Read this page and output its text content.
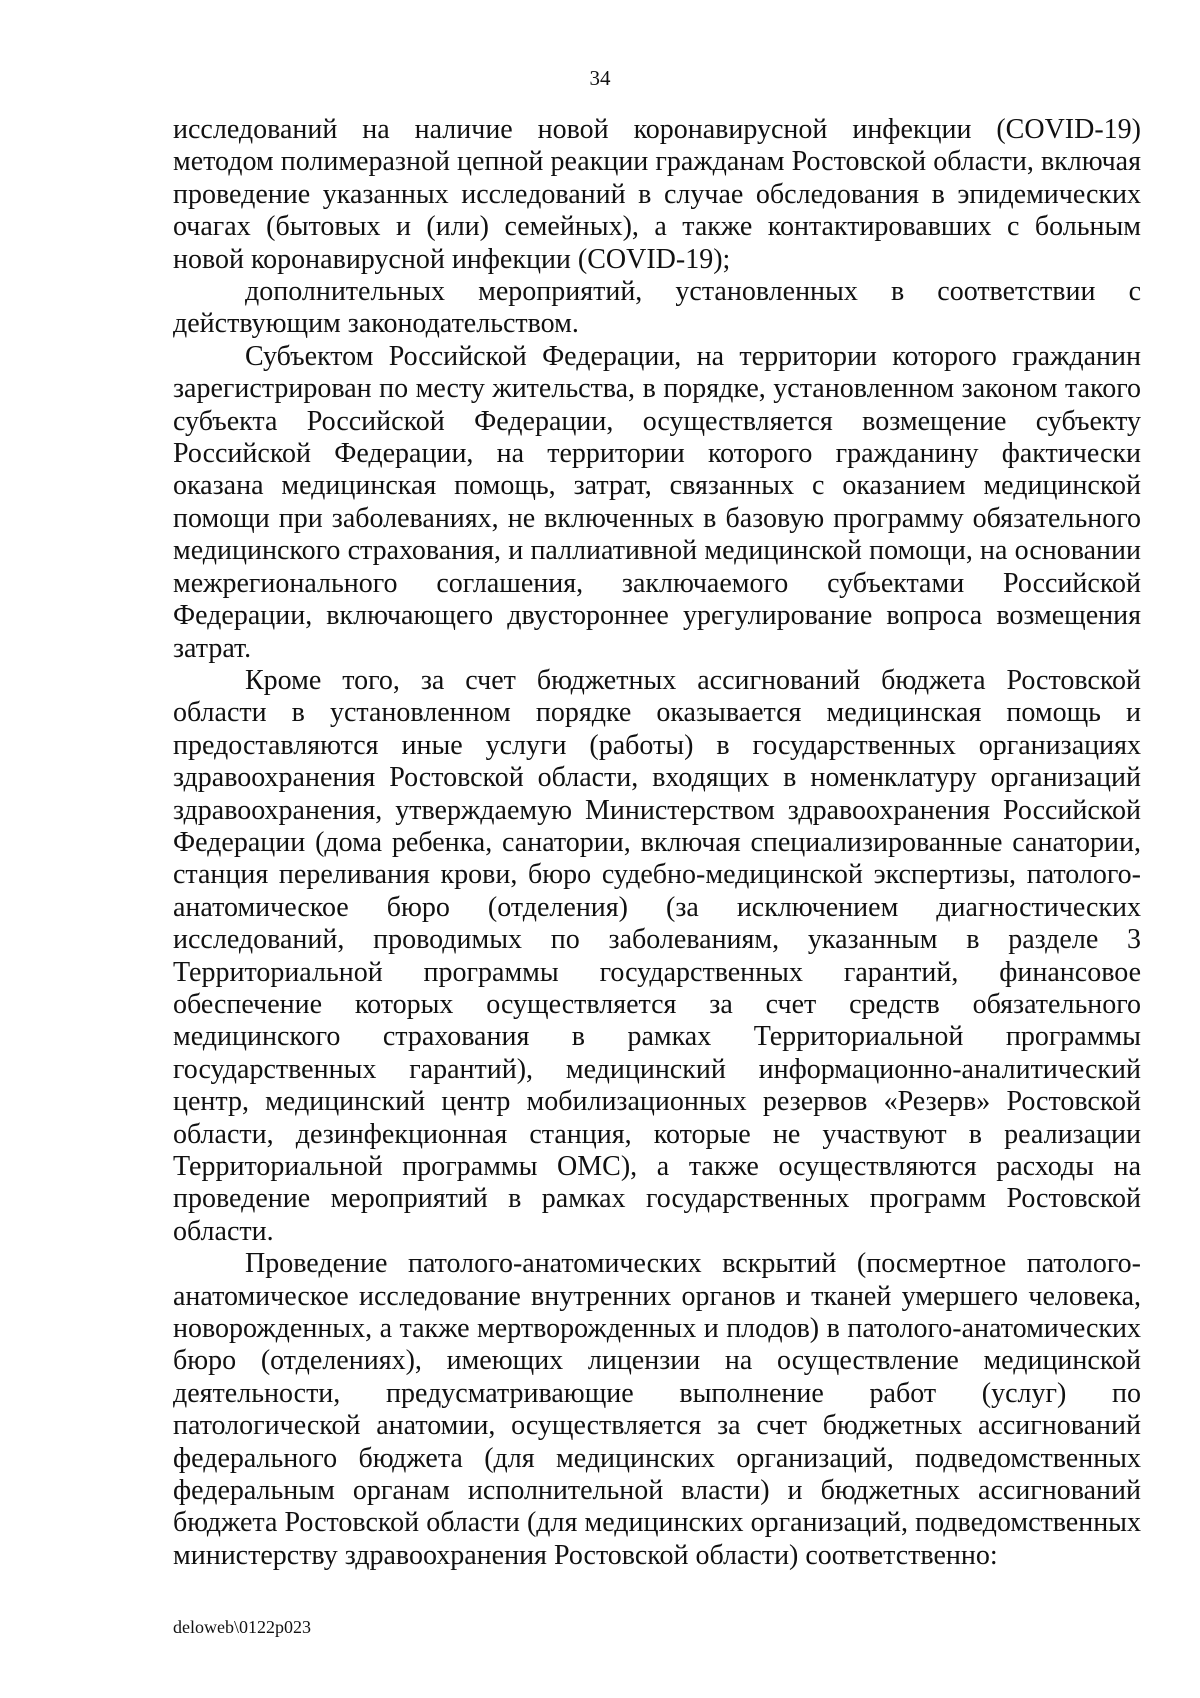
34

исследований на наличие новой коронавирусной инфекции (COVID-19) методом полимеразной цепной реакции гражданам Ростовской области, включая проведение указанных исследований в случае обследования в эпидемических очагах (бытовых и (или) семейных), а также контактировавших с больным новой коронавирусной инфекции (COVID-19);

дополнительных мероприятий, установленных в соответствии с действующим законодательством.

Субъектом Российской Федерации, на территории которого гражданин зарегистрирован по месту жительства, в порядке, установленном законом такого субъекта Российской Федерации, осуществляется возмещение субъекту Российской Федерации, на территории которого гражданину фактически оказана медицинская помощь, затрат, связанных с оказанием медицинской помощи при заболеваниях, не включенных в базовую программу обязательного медицинского страхования, и паллиативной медицинской помощи, на основании межрегионального соглашения, заключаемого субъектами Российской Федерации, включающего двустороннее урегулирование вопроса возмещения затрат.

Кроме того, за счет бюджетных ассигнований бюджета Ростовской области в установленном порядке оказывается медицинская помощь и предоставляются иные услуги (работы) в государственных организациях здравоохранения Ростовской области, входящих в номенклатуру организаций здравоохранения, утверждаемую Министерством здравоохранения Российской Федерации (дома ребенка, санатории, включая специализированные санатории, станция переливания крови, бюро судебно-медицинской экспертизы, патолого-анатомическое бюро (отделения) (за исключением диагностических исследований, проводимых по заболеваниям, указанным в разделе 3 Территориальной программы государственных гарантий, финансовое обеспечение которых осуществляется за счет средств обязательного медицинского страхования в рамках Территориальной программы государственных гарантий), медицинский информационно-аналитический центр, медицинский центр мобилизационных резервов «Резерв» Ростовской области, дезинфекционная станция, которые не участвуют в реализации Территориальной программы ОМС), а также осуществляются расходы на проведение мероприятий в рамках государственных программ Ростовской области.

Проведение патолого-анатомических вскрытий (посмертное патолого-анатомическое исследование внутренних органов и тканей умершего человека, новорожденных, а также мертворожденных и плодов) в патолого-анатомических бюро (отделениях), имеющих лицензии на осуществление медицинской деятельности, предусматривающие выполнение работ (услуг) по патологической анатомии, осуществляется за счет бюджетных ассигнований федерального бюджета (для медицинских организаций, подведомственных федеральным органам исполнительной власти) и бюджетных ассигнований бюджета Ростовской области (для медицинских организаций, подведомственных министерству здравоохранения Ростовской области) соответственно:

deloweb\0122p023
